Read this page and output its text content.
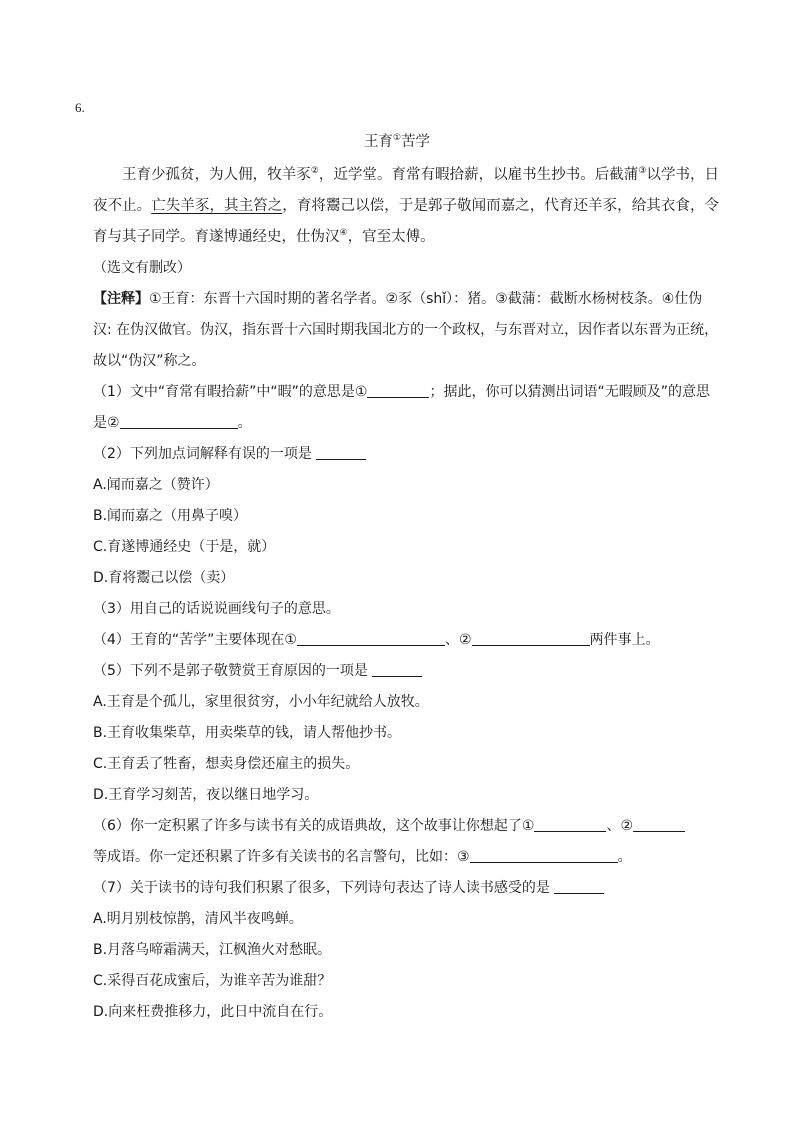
6.
王育①苦学

王育少孤贫，为人佣，牧羊豕②，近学堂。育常有暇拾薪，以雇书生抄书。后截蒲③以学书，日夜不止。亡失羊豕，其主笞之，育将鬻己以偿，于是郭子敬闻而嘉之，代育还羊豕，给其衣食，令育与其子同学。育遂博通经史，仕伪汉④，官至太傅。

（选文有删改）
【注释】①王育：东晋十六国时期的著名学者。②豕（shǐ）：猪。③截蒲：截断水杨树枝条。④仕伪汉: 在伪汉做官。伪汉，指东晋十六国时期我国北方的一个政权，与东晋对立，因作者以东晋为正统，故以“伪汉”称之。
（1）文中“育常有暇拾薪”中“暇”的意思是①	；据此，你可以猜测出词语“无暇顾及”的意思是②	。
（2）下列加点词解释有误的一项是
A.闻而嘉之（赞许）
B.闻而嘉之（用鼻子嗅）
C.育遂博通经史（于是，就）
D.育将鬻己以偿（卖）
（3）用自己的话说说画线句子的意思。
（4）王育的“苦学”主要体现在①	、②	两件事上。
（5）下列不是郭子敬赞赏王育原因的一项是
A.王育是个孤儿，家里很贫穷，小小年纪就给人放牧。
B.王育收集柴草，用卖柴草的钱，请人帮他抄书。
C.王育丢了牲畜，想卖身偿还雇主的损失。
D.王育学习刻苦，夜以继日地学习。
（6）你一定积累了许多与读书有关的成语典故，这个故事让你想起了①	、②
等成语。你一定还积累了许多有关读书的名言警句，比如：③	。
（7）关于读书的诗句我们积累了很多，下列诗句表达了诗人读书感受的是
A.明月别枝惊鹊，清风半夜鸣蝉。
B.月落乌啼霜满天，江枫渔火对愁眠。
C.采得百花成蜜后，为谁辛苦为谁甜？
D.向来枉费推移力，此日中流自在行。
